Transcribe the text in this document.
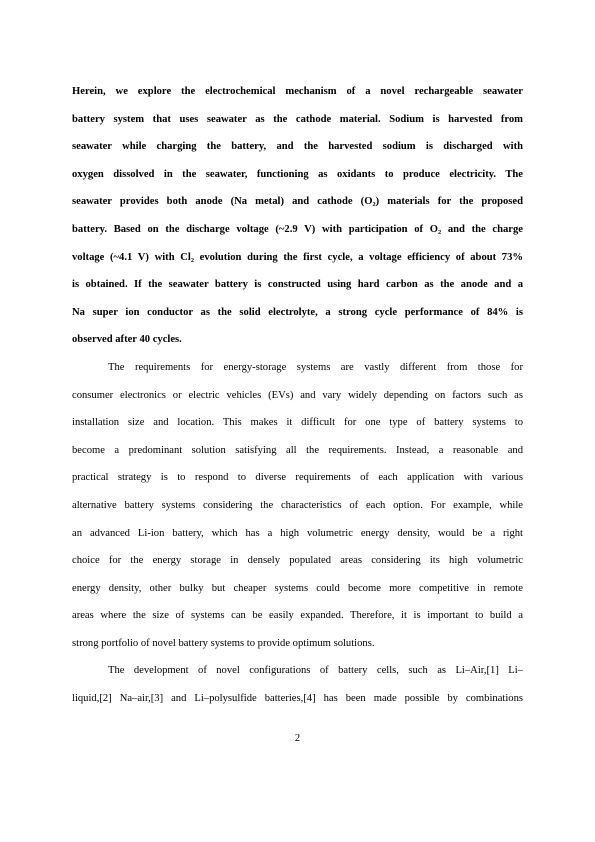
Herein, we explore the electrochemical mechanism of a novel rechargeable seawater
battery system that uses seawater as the cathode material. Sodium is harvested from
seawater while charging the battery, and the harvested sodium is discharged with
oxygen dissolved in the seawater, functioning as oxidants to produce electricity. The
seawater provides both anode (Na metal) and cathode (O₂) materials for the proposed
battery. Based on the discharge voltage (~2.9 V) with participation of O₂ and the charge
voltage (~4.1 V) with Cl₂ evolution during the first cycle, a voltage efficiency of about 73%
is obtained. If the seawater battery is constructed using hard carbon as the anode and a
Na super ion conductor as the solid electrolyte, a strong cycle performance of 84% is
observed after 40 cycles.
The requirements for energy-storage systems are vastly different from those for
consumer electronics or electric vehicles (EVs) and vary widely depending on factors such as
installation size and location. This makes it difficult for one type of battery systems to
become a predominant solution satisfying all the requirements. Instead, a reasonable and
practical strategy is to respond to diverse requirements of each application with various
alternative battery systems considering the characteristics of each option. For example, while
an advanced Li-ion battery, which has a high volumetric energy density, would be a right
choice for the energy storage in densely populated areas considering its high volumetric
energy density, other bulky but cheaper systems could become more competitive in remote
areas where the size of systems can be easily expanded. Therefore, it is important to build a
strong portfolio of novel battery systems to provide optimum solutions.
The development of novel configurations of battery cells, such as Li–Air,[1] Li–
liquid,[2] Na–air,[3] and Li–polysulfide batteries,[4] has been made possible by combinations
2
